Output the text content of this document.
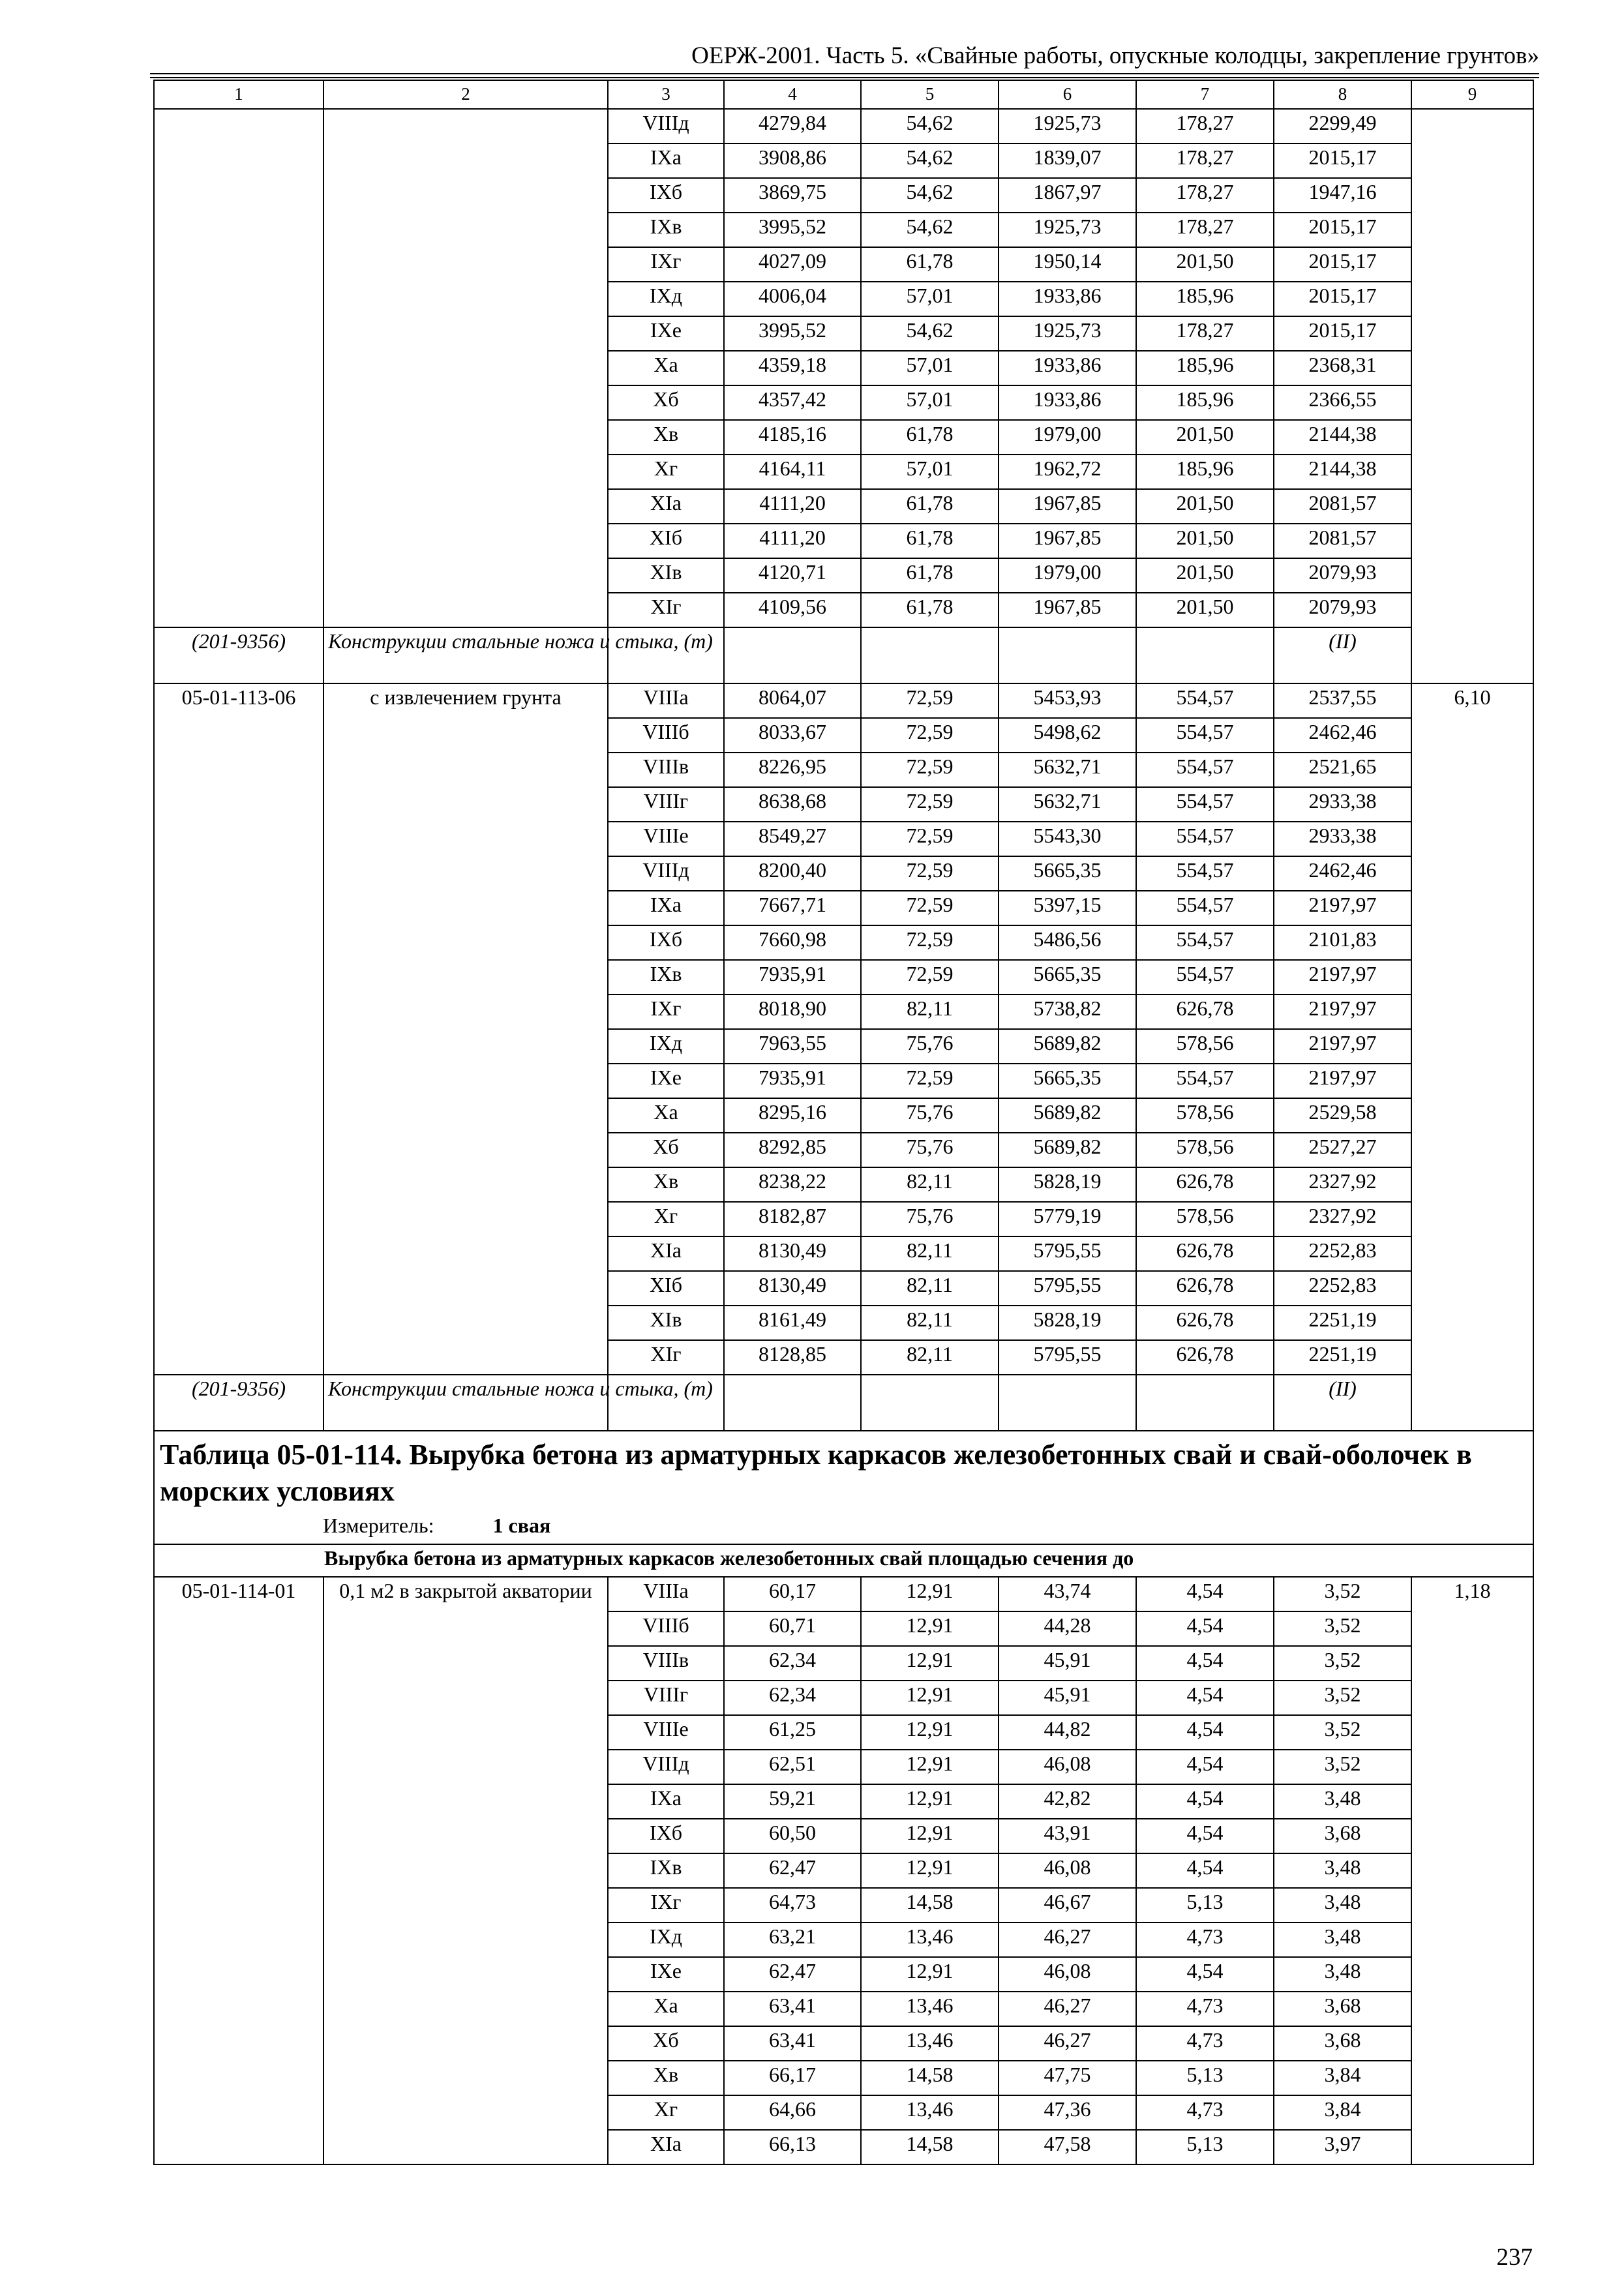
ОЕРЖ-2001. Часть 5. «Свайные работы, опускные колодцы, закрепление грунтов»
1	2	3	4	5	6	7	8	9
		VIIIд	4279,84	54,62	1925,73	178,27	2299,49	
		IXа	3908,86	54,62	1839,07	178,27	2015,17	
		IXб	3869,75	54,62	1867,97	178,27	1947,16	
		IXв	3995,52	54,62	1925,73	178,27	2015,17	
		IXг	4027,09	61,78	1950,14	201,50	2015,17	
		IXд	4006,04	57,01	1933,86	185,96	2015,17	
		IXе	3995,52	54,62	1925,73	178,27	2015,17	
		Xа	4359,18	57,01	1933,86	185,96	2368,31	
		Xб	4357,42	57,01	1933,86	185,96	2366,55	
		Xв	4185,16	61,78	1979,00	201,50	2144,38	
		Xг	4164,11	57,01	1962,72	185,96	2144,38	
		XIа	4111,20	61,78	1967,85	201,50	2081,57	
		XIб	4111,20	61,78	1967,85	201,50	2081,57	
		XIв	4120,71	61,78	1979,00	201,50	2079,93	
		XIг	4109,56	61,78	1967,85	201,50	2079,93	
(201-9356)	Конструкции стальные ножа и стыка, (т)						(II)	
05-01-113-06	с извлечением грунта	VIIIа	8064,07	72,59	5453,93	554,57	2537,55	6,10
		VIIIб	8033,67	72,59	5498,62	554,57	2462,46	
		VIIIв	8226,95	72,59	5632,71	554,57	2521,65	
		VIIIг	8638,68	72,59	5632,71	554,57	2933,38	
		VIIIе	8549,27	72,59	5543,30	554,57	2933,38	
		VIIIд	8200,40	72,59	5665,35	554,57	2462,46	
		IXа	7667,71	72,59	5397,15	554,57	2197,97	
		IXб	7660,98	72,59	5486,56	554,57	2101,83	
		IXв	7935,91	72,59	5665,35	554,57	2197,97	
		IXг	8018,90	82,11	5738,82	626,78	2197,97	
		IXд	7963,55	75,76	5689,82	578,56	2197,97	
		IXе	7935,91	72,59	5665,35	554,57	2197,97	
		Xа	8295,16	75,76	5689,82	578,56	2529,58	
		Xб	8292,85	75,76	5689,82	578,56	2527,27	
		Xв	8238,22	82,11	5828,19	626,78	2327,92	
		Xг	8182,87	75,76	5779,19	578,56	2327,92	
		XIа	8130,49	82,11	5795,55	626,78	2252,83	
		XIб	8130,49	82,11	5795,55	626,78	2252,83	
		XIв	8161,49	82,11	5828,19	626,78	2251,19	
		XIг	8128,85	82,11	5795,55	626,78	2251,19	
(201-9356)	Конструкции стальные ножа и стыка, (т)						(II)	

Таблица 05-01-114. Вырубка бетона из арматурных каркасов железобетонных свай и свай-оболочек в морских условиях
Измеритель: 1 свая								

Вырубка бетона из арматурных каркасов железобетонных свай площадью сечения до								
05-01-114-01	0,1 м2 в закрытой акватории	VIIIа	60,17	12,91	43,74	4,54	3,52	1,18
		VIIIб	60,71	12,91	44,28	4,54	3,52	
		VIIIв	62,34	12,91	45,91	4,54	3,52	
		VIIIг	62,34	12,91	45,91	4,54	3,52	
		VIIIе	61,25	12,91	44,82	4,54	3,52	
		VIIIд	62,51	12,91	46,08	4,54	3,52	
		IXа	59,21	12,91	42,82	4,54	3,48	
		IXб	60,50	12,91	43,91	4,54	3,68	
		IXв	62,47	12,91	46,08	4,54	3,48	
		IXг	64,73	14,58	46,67	5,13	3,48	
		IXд	63,21	13,46	46,27	4,73	3,48	
		IXе	62,47	12,91	46,08	4,54	3,48	
		Xа	63,41	13,46	46,27	4,73	3,68	
		Xб	63,41	13,46	46,27	4,73	3,68	
		Xв	66,17	14,58	47,75	5,13	3,84	
		Xг	64,66	13,46	47,36	4,73	3,84	
		XIа	66,13	14,58	47,58	5,13	3,97	
237
